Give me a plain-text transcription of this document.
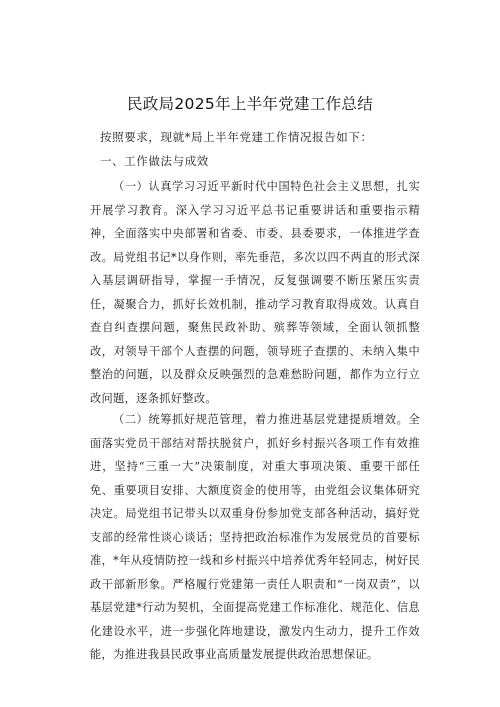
民政局2025年上半年党建工作总结

按照要求，现就*局上半年党建工作情况报告如下：

一、工作做法与成效

（一）认真学习习近平新时代中国特色社会主义思想，扎实开展学习教育。深入学习习近平总书记重要讲话和重要指示精神，全面落实中央部署和省委、市委、县委要求，一体推进学查改。局党组书记*以身作则，率先垂范，多次以四不两直的形式深入基层调研指导，掌握一手情况，反复强调要不断压紧压实责任，凝聚合力，抓好长效机制，推动学习教育取得成效。认真自查自纠查摆问题，聚焦民政补助、殡葬等领域，全面认领抓整改，对领导干部个人查摆的问题，领导班子查摆的、未纳入集中整治的问题，以及群众反映强烈的急难愁盼问题，都作为立行立改问题，逐条抓好整改。

（二）统筹抓好规范管理，着力推进基层党建提质增效。全面落实党员干部结对帮扶脱贫户，抓好乡村振兴各项工作有效推进，坚持“三重一大”决策制度，对重大事项决策、重要干部任免、重要项目安排、大额度资金的使用等，由党组会议集体研究决定。局党组书记带头以双重身份参加党支部各种活动，搞好党支部的经常性谈心谈话；坚持把政治标准作为发展党员的首要标准，*年从疫情防控一线和乡村振兴中培养优秀年轻同志，树好民政干部新形象。严格履行党建第一责任人职责和“一岗双责”，以基层党建*行动为契机，全面提高党建工作标准化、规范化、信息化建设水平，进一步强化阵地建设，激发内生动力，提升工作效能，为推进我县民政事业高质量发展提供政治思想保证。
